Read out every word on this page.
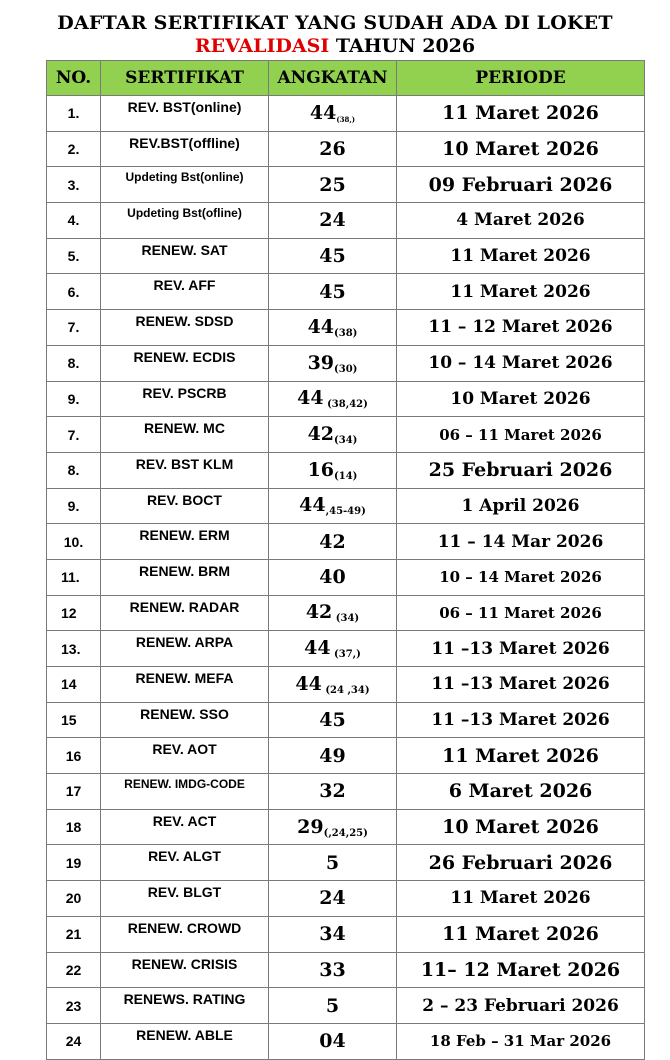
DAFTAR SERTIFIKAT YANG SUDAH ADA DI LOKET
REVALIDASI TAHUN 2026
NO.	SERTIFIKAT	ANGKATAN	PERIODE
1.	REV. BST(online)	$44_{(38,)}$	11 Maret 2026
2.	REV.BST(offline)	26	10 Maret 2026
3.	Updeting Bst(online)	25	09 Februari 2026
4.	Updeting Bst(ofline)	24	4 Maret 2026
5.	RENEW. SAT	45	11 Maret 2026
6.	REV. AFF	45	11 Maret 2026
7.	RENEW. SDSD	$44_{(38)}$	11 – 12 Maret 2026
8.	RENEW. ECDIS	$39_{(30)}$	10 – 14 Maret 2026
9.	REV. PSCRB	44 $_{(38,42)}$	10 Maret 2026
7.	RENEW. MC	$42_{(34)}$	06 – 11 Maret 2026
8.	REV. BST KLM	$16_{(14)}$	25 Februari 2026
9.	REV. BOCT	$44_{,45-49)}$	1 April 2026
10.	RENEW. ERM	42	11 – 14 Mar 2026
11.	RENEW. BRM	40	10 – 14 Maret 2026
12	RENEW. RADAR	42 $_{(34)}$	06 – 11 Maret 2026
13.	RENEW. ARPA	44 $_{(37,)}$	11 –13 Maret 2026
14	RENEW. MEFA	44 $_{(24 ,34)}$	11 –13 Maret 2026
15	RENEW. SSO	45	11 –13 Maret 2026
16	REV. AOT	49	11 Maret 2026
17	RENEW. IMDG-CODE	32	6 Maret 2026
18	REV. ACT	$29_{(,24,25)}$	10 Maret 2026
19	REV. ALGT	5	26 Februari 2026
20	REV. BLGT	24	11 Maret 2026
21	RENEW. CROWD	34	11 Maret 2026
22	RENEW. CRISIS	33	11– 12 Maret 2026
23	RENEWS. RATING	5	2 – 23 Februari 2026
24	RENEW. ABLE	04	18 Feb – 31 Mar 2026
